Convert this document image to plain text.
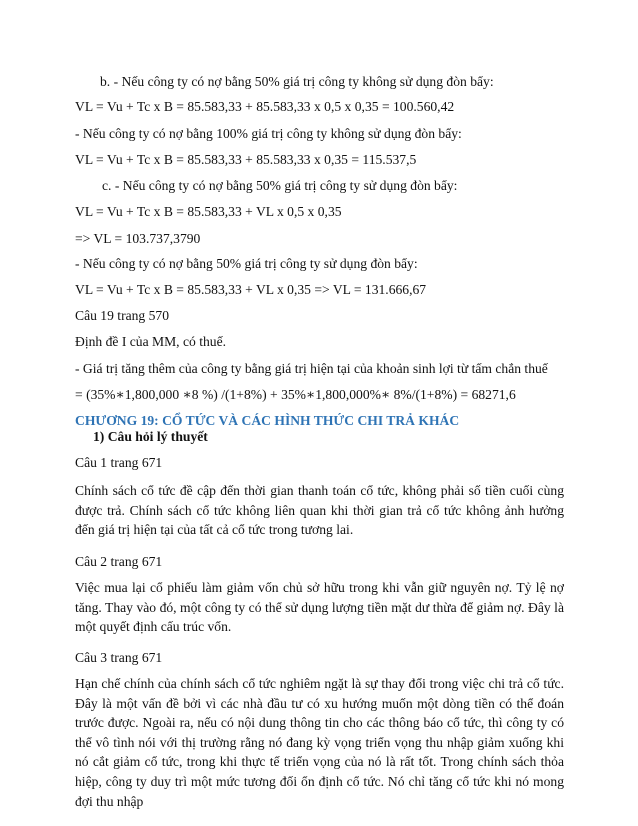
b. - Nếu công ty có nợ bằng 50% giá trị công ty không sử dụng đòn bẩy:
VL = Vu + Tc x B = 85.583,33 + 85.583,33 x 0,5 x 0,35 = 100.560,42
- Nếu công ty có nợ bằng 100% giá trị công ty không sử dụng đòn bẩy:
VL = Vu + Tc x B = 85.583,33 + 85.583,33 x 0,35 = 115.537,5
c. - Nếu công ty có nợ bằng 50% giá trị công ty sử dụng đòn bẩy:
VL = Vu + Tc x B = 85.583,33 + VL x 0,5 x 0,35
=> VL = 103.737,3790
- Nếu công ty có nợ bằng 50% giá trị công ty sử dụng đòn bẩy:
VL = Vu + Tc x B = 85.583,33 + VL x 0,35 => VL = 131.666,67
Câu 19 trang 570
Định đề I của MM, có thuế.
- Giá trị tăng thêm của công ty bằng giá trị hiện tại của khoản sinh lợi từ tấm chắn thuế
= (35%∗1,800,000 ∗8 %) /(1+8%) + 35%∗1,800,000%∗ 8%/(1+8%) = 68271,6
CHƯƠNG 19: CỔ TỨC VÀ CÁC HÌNH THỨC CHI TRẢ KHÁC
1) Câu hỏi lý thuyết
Câu 1 trang 671
Chính sách cổ tức đề cập đến thời gian thanh toán cổ tức, không phải số tiền cuối cùng được trả. Chính sách cổ tức không liên quan khi thời gian trả cổ tức không ảnh hưởng đến giá trị hiện tại của tất cả cổ tức trong tương lai.
Câu 2 trang 671
Việc mua lại cổ phiếu làm giảm vốn chủ sở hữu trong khi vẫn giữ nguyên nợ. Tỷ lệ nợ tăng. Thay vào đó, một công ty có thể sử dụng lượng tiền mặt dư thừa để giảm nợ. Đây là một quyết định cấu trúc vốn.
Câu 3 trang 671
Hạn chế chính của chính sách cổ tức nghiêm ngặt là sự thay đổi trong việc chi trả cổ tức. Đây là một vấn đề bởi vì các nhà đầu tư có xu hướng muốn một dòng tiền có thể đoán trước được. Ngoài ra, nếu có nội dung thông tin cho các thông báo cổ tức, thì công ty có thể vô tình nói với thị trường rằng nó đang kỳ vọng triển vọng thu nhập giảm xuống khi nó cắt giảm cổ tức, trong khi thực tế triển vọng của nó là rất tốt. Trong chính sách thỏa hiệp, công ty duy trì một mức tương đối ổn định cổ tức. Nó chỉ tăng cổ tức khi nó mong đợi thu nhập
